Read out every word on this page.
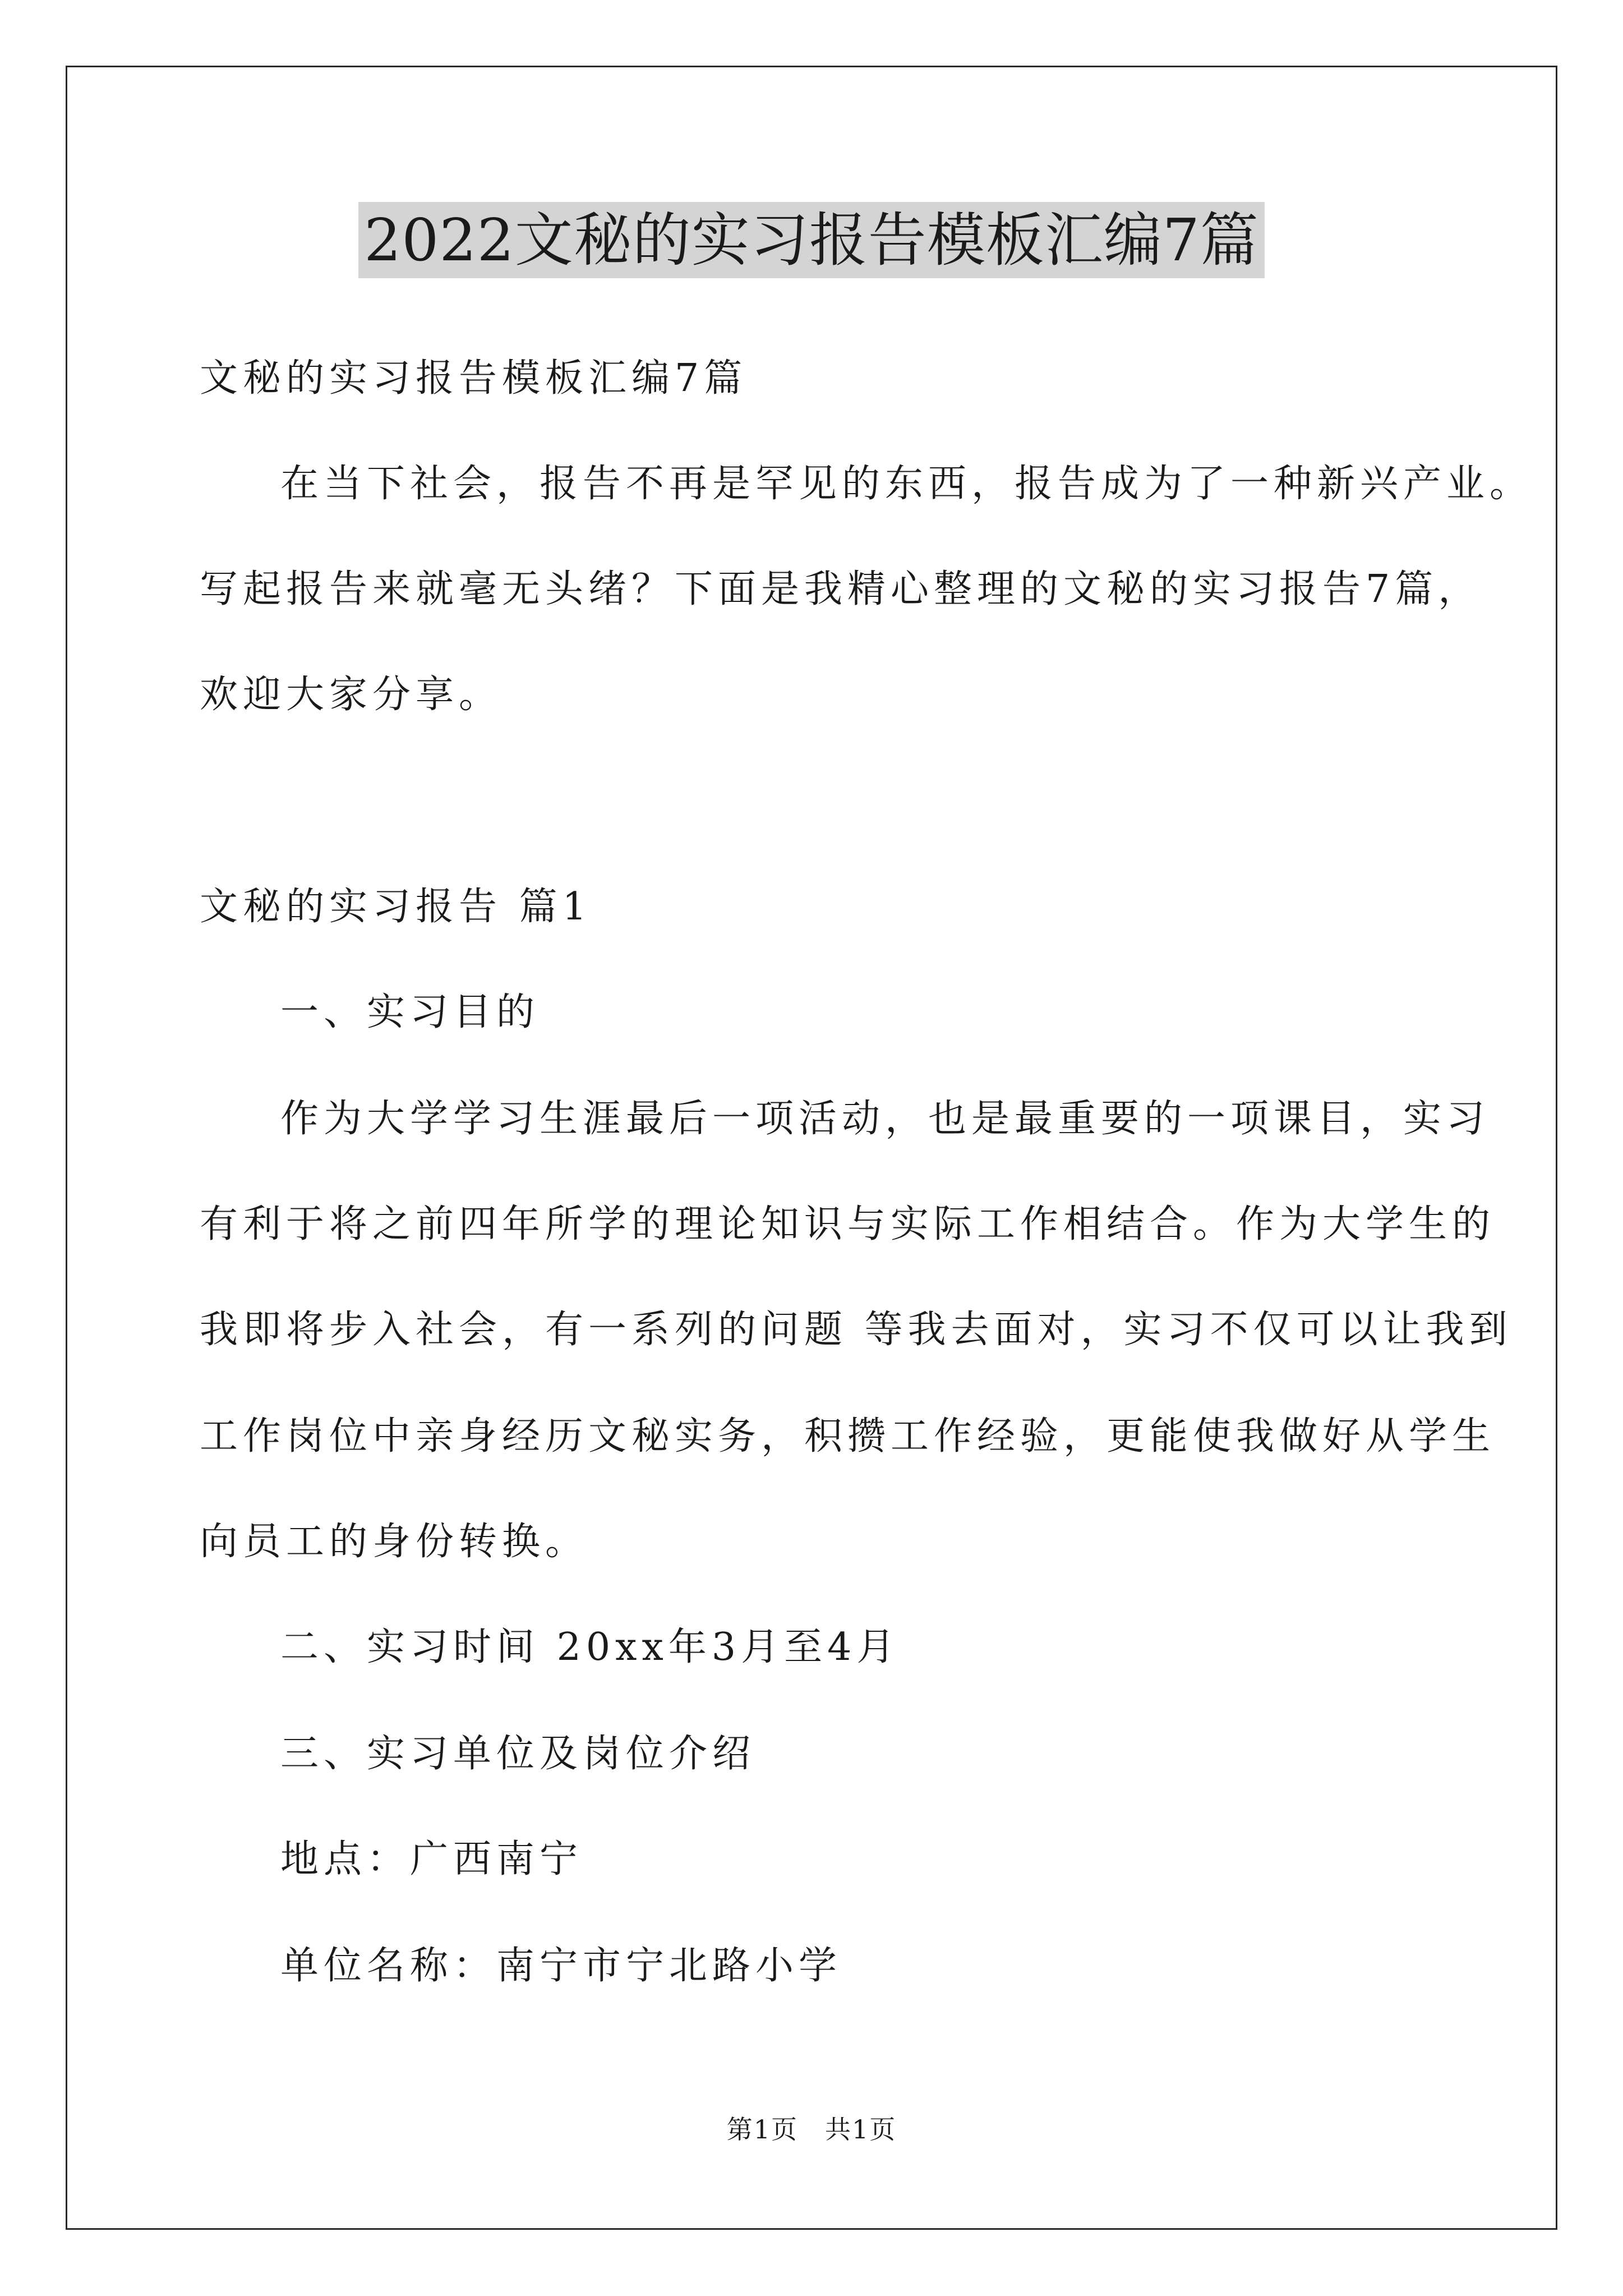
2022文秘的实习报告模板汇编7篇
文秘的实习报告模板汇编7篇
在当下社会，报告不再是罕见的东西，报告成为了一种新兴产业。
写起报告来就毫无头绪？下面是我精心整理的文秘的实习报告7篇，
欢迎大家分享。
文秘的实习报告 篇1
一、实习目的
作为大学学习生涯最后一项活动，也是最重要的一项课目，实习
有利于将之前四年所学的理论知识与实际工作相结合。作为大学生的
我即将步入社会，有一系列的问题 等我去面对，实习不仅可以让我到
工作岗位中亲身经历文秘实务，积攒工作经验，更能使我做好从学生
向员工的身份转换。
二、实习时间 20xx年3月至4月
三、实习单位及岗位介绍
地点：广西南宁
单位名称：南宁市宁北路小学
第1页　共1页
